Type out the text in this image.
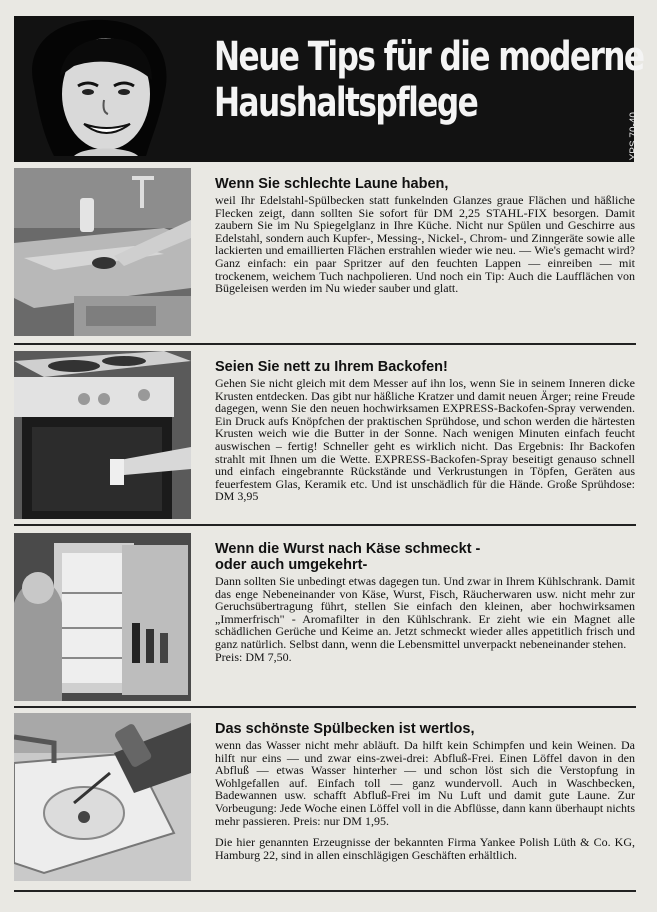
Neue Tips für die moderne
Haushaltspflege
YPS 70-40
Wenn Sie schlechte Laune haben,

weil Ihr Edelstahl-Spülbecken statt funkelnden Glanzes graue Flächen und häßliche Flecken zeigt, dann sollten Sie sofort für DM 2,25 STAHL-FIX besorgen. Damit zaubern Sie im Nu Spiegelglanz in Ihre Küche. Nicht nur Spülen und Geschirre aus Edelstahl, sondern auch Kupfer-, Messing-, Nickel-, Chrom- und Zinngeräte sowie alle lackierten und emaillierten Flächen erstrahlen wieder wie neu. — Wie's gemacht wird? Ganz einfach: ein paar Spritzer auf den feuchten Lappen — einreiben — mit trockenem, weichem Tuch nachpolieren. Und noch ein Tip: Auch die Laufflächen von Bügeleisen werden im Nu wieder sauber und glatt.

Seien Sie nett zu Ihrem Backofen!

Gehen Sie nicht gleich mit dem Messer auf ihn los, wenn Sie in seinem Inneren dicke Krusten entdecken. Das gibt nur häßliche Kratzer und damit neuen Ärger; reine Freude dagegen, wenn Sie den neuen hochwirksamen EXPRESS-Backofen-Spray verwenden. Ein Druck aufs Knöpfchen der praktischen Sprühdose, und schon werden die härtesten Krusten weich wie die Butter in der Sonne. Nach wenigen Minuten einfach feucht auswischen – fertig! Schneller geht es wirklich nicht. Das Ergebnis: Ihr Backofen strahlt mit Ihnen um die Wette. EXPRESS-Backofen-Spray beseitigt genauso schnell und einfach eingebrannte Rückstände und Verkrustungen in Töpfen, Geräten aus feuerfestem Glas, Keramik etc. Und ist unschädlich für die Hände. Große Sprühdose: DM 3,95

Wenn die Wurst nach Käse schmeckt -
oder auch umgekehrt-

Dann sollten Sie unbedingt etwas dagegen tun. Und zwar in Ihrem Kühlschrank. Damit das enge Nebeneinander von Käse, Wurst, Fisch, Räucherwaren usw. nicht mehr zur Geruchsübertragung führt, stellen Sie einfach den kleinen, aber hochwirksamen „Immerfrisch" - Aromafilter in den Kühlschrank. Er zieht wie ein Magnet alle schädlichen Gerüche und Keime an. Jetzt schmeckt wieder alles appetitlich frisch und ganz natürlich. Selbst dann, wenn die Lebensmittel unverpackt nebeneinander stehen.
Preis: DM 7,50.

Das schönste Spülbecken ist wertlos,

wenn das Wasser nicht mehr abläuft. Da hilft kein Schimpfen und kein Weinen. Da hilft nur eins — und zwar eins-zwei-drei: Abfluß-Frei. Einen Löffel davon in den Abfluß — etwas Wasser hinterher — und schon löst sich die Verstopfung in Wohlgefallen auf. Einfach toll — ganz wundervoll. Auch in Waschbecken, Badewannen usw. schafft Abfluß-Frei im Nu Luft und damit gute Laune. Zur Vorbeugung: Jede Woche einen Löffel voll in die Abflüsse, dann kann überhaupt nichts mehr passieren. Preis: nur DM 1,95.

Die hier genannten Erzeugnisse der bekannten Firma Yankee Polish Lüth & Co. KG, Hamburg 22, sind in allen einschlägigen Geschäften erhältlich.
